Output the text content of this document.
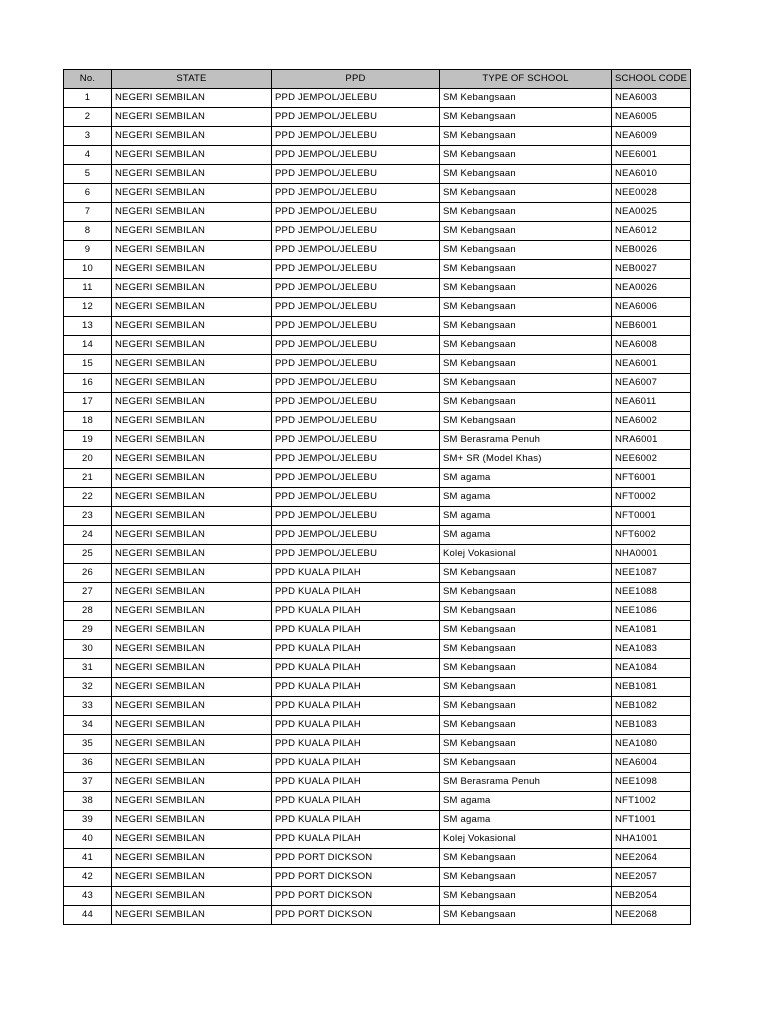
No.	STATE	PPD	TYPE OF SCHOOL	SCHOOL CODE
1	NEGERI SEMBILAN	PPD JEMPOL/JELEBU	SM Kebangsaan	NEA6003
2	NEGERI SEMBILAN	PPD JEMPOL/JELEBU	SM Kebangsaan	NEA6005
3	NEGERI SEMBILAN	PPD JEMPOL/JELEBU	SM Kebangsaan	NEA6009
4	NEGERI SEMBILAN	PPD JEMPOL/JELEBU	SM Kebangsaan	NEE6001
5	NEGERI SEMBILAN	PPD JEMPOL/JELEBU	SM Kebangsaan	NEA6010
6	NEGERI SEMBILAN	PPD JEMPOL/JELEBU	SM Kebangsaan	NEE0028
7	NEGERI SEMBILAN	PPD JEMPOL/JELEBU	SM Kebangsaan	NEA0025
8	NEGERI SEMBILAN	PPD JEMPOL/JELEBU	SM Kebangsaan	NEA6012
9	NEGERI SEMBILAN	PPD JEMPOL/JELEBU	SM Kebangsaan	NEB0026
10	NEGERI SEMBILAN	PPD JEMPOL/JELEBU	SM Kebangsaan	NEB0027
11	NEGERI SEMBILAN	PPD JEMPOL/JELEBU	SM Kebangsaan	NEA0026
12	NEGERI SEMBILAN	PPD JEMPOL/JELEBU	SM Kebangsaan	NEA6006
13	NEGERI SEMBILAN	PPD JEMPOL/JELEBU	SM Kebangsaan	NEB6001
14	NEGERI SEMBILAN	PPD JEMPOL/JELEBU	SM Kebangsaan	NEA6008
15	NEGERI SEMBILAN	PPD JEMPOL/JELEBU	SM Kebangsaan	NEA6001
16	NEGERI SEMBILAN	PPD JEMPOL/JELEBU	SM Kebangsaan	NEA6007
17	NEGERI SEMBILAN	PPD JEMPOL/JELEBU	SM Kebangsaan	NEA6011
18	NEGERI SEMBILAN	PPD JEMPOL/JELEBU	SM Kebangsaan	NEA6002
19	NEGERI SEMBILAN	PPD JEMPOL/JELEBU	SM Berasrama Penuh	NRA6001
20	NEGERI SEMBILAN	PPD JEMPOL/JELEBU	SM+ SR (Model Khas)	NEE6002
21	NEGERI SEMBILAN	PPD JEMPOL/JELEBU	SM agama	NFT6001
22	NEGERI SEMBILAN	PPD JEMPOL/JELEBU	SM agama	NFT0002
23	NEGERI SEMBILAN	PPD JEMPOL/JELEBU	SM agama	NFT0001
24	NEGERI SEMBILAN	PPD JEMPOL/JELEBU	SM agama	NFT6002
25	NEGERI SEMBILAN	PPD JEMPOL/JELEBU	Kolej Vokasional	NHA0001
26	NEGERI SEMBILAN	PPD KUALA PILAH	SM Kebangsaan	NEE1087
27	NEGERI SEMBILAN	PPD KUALA PILAH	SM Kebangsaan	NEE1088
28	NEGERI SEMBILAN	PPD KUALA PILAH	SM Kebangsaan	NEE1086
29	NEGERI SEMBILAN	PPD KUALA PILAH	SM Kebangsaan	NEA1081
30	NEGERI SEMBILAN	PPD KUALA PILAH	SM Kebangsaan	NEA1083
31	NEGERI SEMBILAN	PPD KUALA PILAH	SM Kebangsaan	NEA1084
32	NEGERI SEMBILAN	PPD KUALA PILAH	SM Kebangsaan	NEB1081
33	NEGERI SEMBILAN	PPD KUALA PILAH	SM Kebangsaan	NEB1082
34	NEGERI SEMBILAN	PPD KUALA PILAH	SM Kebangsaan	NEB1083
35	NEGERI SEMBILAN	PPD KUALA PILAH	SM Kebangsaan	NEA1080
36	NEGERI SEMBILAN	PPD KUALA PILAH	SM Kebangsaan	NEA6004
37	NEGERI SEMBILAN	PPD KUALA PILAH	SM Berasrama Penuh	NEE1098
38	NEGERI SEMBILAN	PPD KUALA PILAH	SM agama	NFT1002
39	NEGERI SEMBILAN	PPD KUALA PILAH	SM agama	NFT1001
40	NEGERI SEMBILAN	PPD KUALA PILAH	Kolej Vokasional	NHA1001
41	NEGERI SEMBILAN	PPD PORT DICKSON	SM Kebangsaan	NEE2064
42	NEGERI SEMBILAN	PPD PORT DICKSON	SM Kebangsaan	NEE2057
43	NEGERI SEMBILAN	PPD PORT DICKSON	SM Kebangsaan	NEB2054
44	NEGERI SEMBILAN	PPD PORT DICKSON	SM Kebangsaan	NEE2068
